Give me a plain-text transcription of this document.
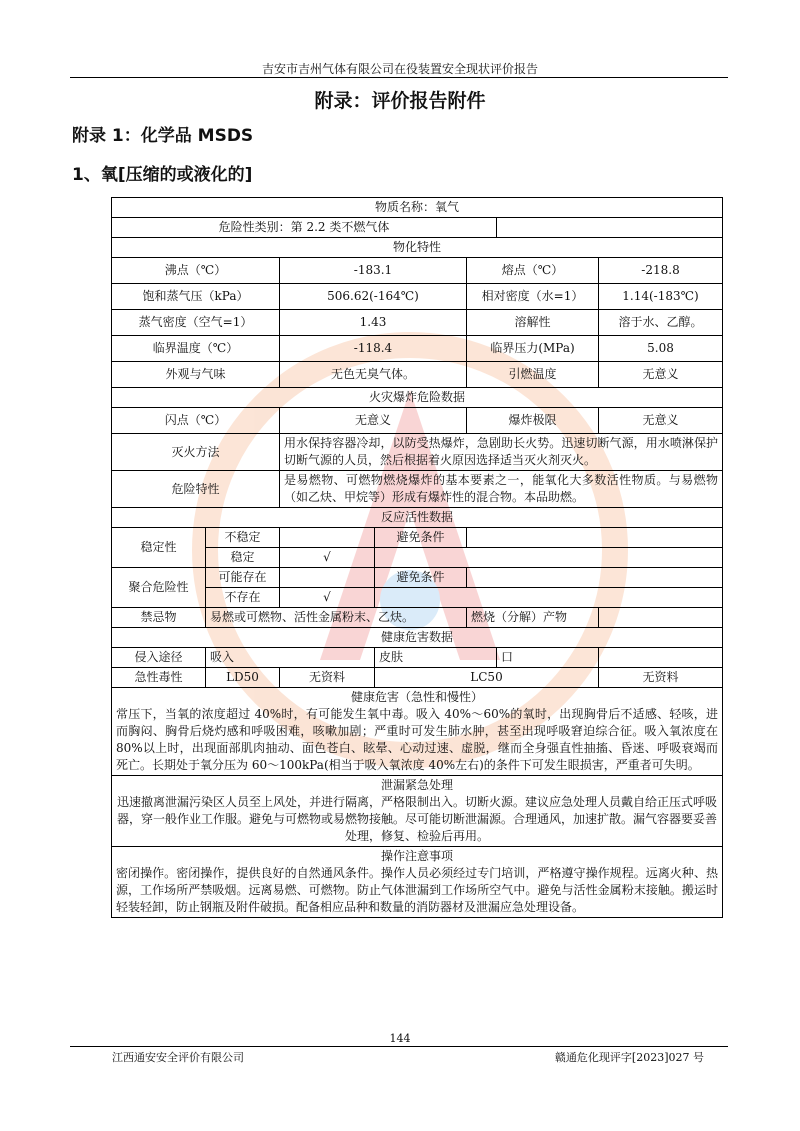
吉安市吉州气体有限公司在役装置安全现状评价报告
附录：评价报告附件
附录 1：化学品 MSDS
1、氧[压缩的或液化的]
物质名称：氧气						
危险性类别：第 2.2 类不燃气体						
物化特性						
沸点（℃）		-183.1		熔点（℃）		-218.8
饱和蒸气压（kPa）		506.62(-164℃)		相对密度（水=1）		1.14(-183℃)
蒸气密度（空气=1）		1.43		溶解性		溶于水、乙醇。
临界温度（℃）		-118.4		临界压力(MPa)		5.08
外观与气味		无色无臭气体。		引燃温度		无意义
火灾爆炸危险数据						
闪点（℃）		无意义		爆炸极限		无意义
灭火方法		用水保持容器冷却，以防受热爆炸，急剧助长火势。迅速切断气源，用水喷淋保护切断气源的人员，然后根据着火原因选择适当灭火剂灭火。				
危险特性		是易燃物、可燃物燃烧爆炸的基本要素之一，能氧化大多数活性物质。与易燃物（如乙炔、甲烷等）形成有爆炸性的混合物。本品助燃。				
反应活性数据						
稳定性	不稳定		避免条件			
	稳定	√				
聚合危险性	可能存在		避免条件			
	不存在	√				
禁忌物	易燃或可燃物、活性金属粉末、乙炔。			燃烧（分解）产物		
健康危害数据						
侵入途径	吸入		皮肤		口	
急性毒性	LD50	无资料	LC50			无资料

健康危害（急性和慢性）
常压下，当氧的浓度超过 40%时，有可能发生氧中毒。吸入 40%～60%的氧时，出现胸骨后不适感、轻咳，进而胸闷、胸骨后烧灼感和呼吸困难，咳嗽加剧；严重时可发生肺水肿，甚至出现呼吸窘迫综合征。吸入氧浓度在 80%以上时，出现面部肌肉抽动、面色苍白、眩晕、心动过速、虚脱，继而全身强直性抽搐、昏迷、呼吸衰竭而死亡。长期处于氧分压为 60～100kPa(相当于吸入氧浓度 40%左右)的条件下可发生眼损害，严重者可失明。						

泄漏紧急处理
迅速撤离泄漏污染区人员至上风处，并进行隔离，严格限制出入。切断火源。建议应急处理人员戴自给正压式呼吸器，穿一般作业工作服。避免与可燃物或易燃物接触。尽可能切断泄漏源。合理通风，加速扩散。漏气容器要妥善处理，修复、检验后再用。						

操作注意事项
密闭操作。密闭操作，提供良好的自然通风条件。操作人员必须经过专门培训，严格遵守操作规程。远离火种、热源，工作场所严禁吸烟。远离易燃、可燃物。防止气体泄漏到工作场所空气中。避免与活性金属粉末接触。搬运时轻装轻卸，防止钢瓶及附件破损。配备相应品种和数量的消防器材及泄漏应急处理设备。						
144
江西通安安全评价有限公司	赣通危化现评字[2023]027 号
